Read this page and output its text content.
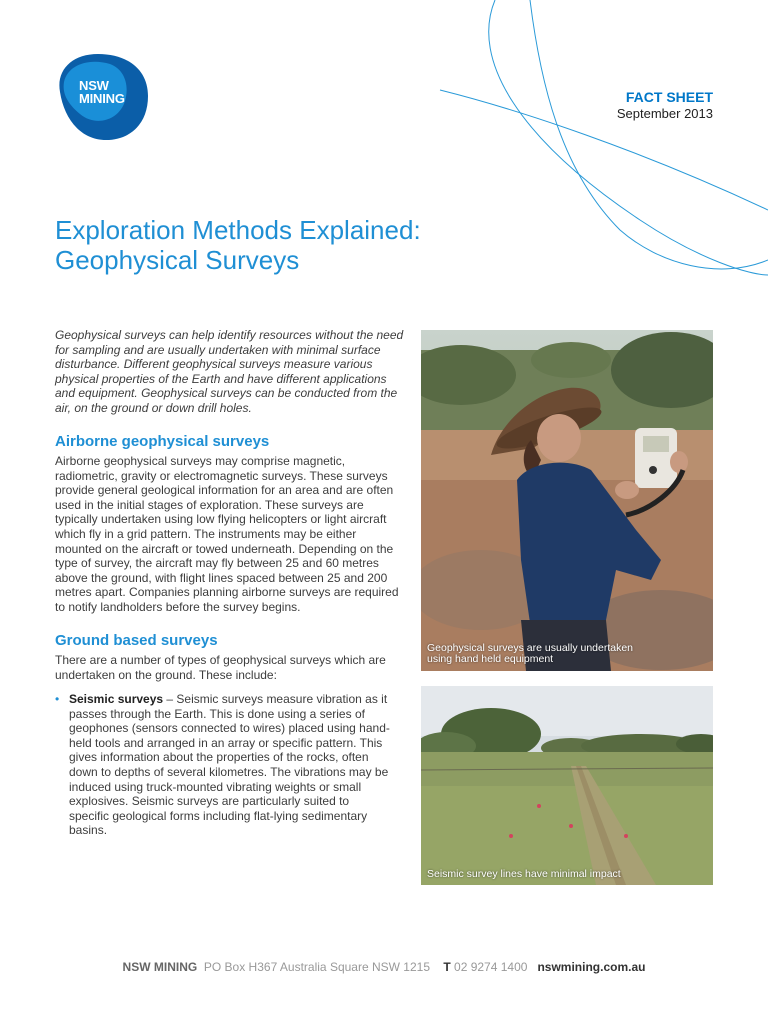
NSW
MINING	FACT SHEET
September 2013
Exploration Methods Explained:
Geophysical Surveys
Geophysical surveys can help identify resources without the need for sampling and are usually undertaken with minimal surface disturbance. Different geophysical surveys measure various physical properties of the Earth and have different applications and equipment. Geophysical surveys can be conducted from the air, on the ground or down drill holes.
Airborne geophysical surveys
Airborne geophysical surveys may comprise magnetic, radiometric, gravity or electromagnetic surveys. These surveys provide general geological information for an area and are often used in the initial stages of exploration. These surveys are typically undertaken using low flying helicopters or light aircraft which fly in a grid pattern. The instruments may be either mounted on the aircraft or towed underneath. Depending on the type of survey, the aircraft may fly between 25 and 60 metres above the ground, with flight lines spaced between 25 and 200 metres apart. Companies planning airborne surveys are required to notify landholders before the survey begins.
Ground based surveys
There are a number of types of geophysical surveys which are undertaken on the ground. These include:
• Seismic surveys – Seismic surveys measure vibration as it passes through the Earth. This is done using a series of geophones (sensors connected to wires) placed using hand-held tools and arranged in an array or specific pattern. This gives information about the properties of the rocks, often down to depths of several kilometres. The vibrations may be induced using truck-mounted vibrating weights or small explosives. Seismic surveys are particularly suited to specific geological forms including flat-lying sedimentary basins.
Geophysical surveys are usually undertaken using hand held equipment
Seismic survey lines have minimal impact
NSW MINING PO Box H367 Australia Square NSW 1215 T 02 9274 1400 nswmining.com.au
